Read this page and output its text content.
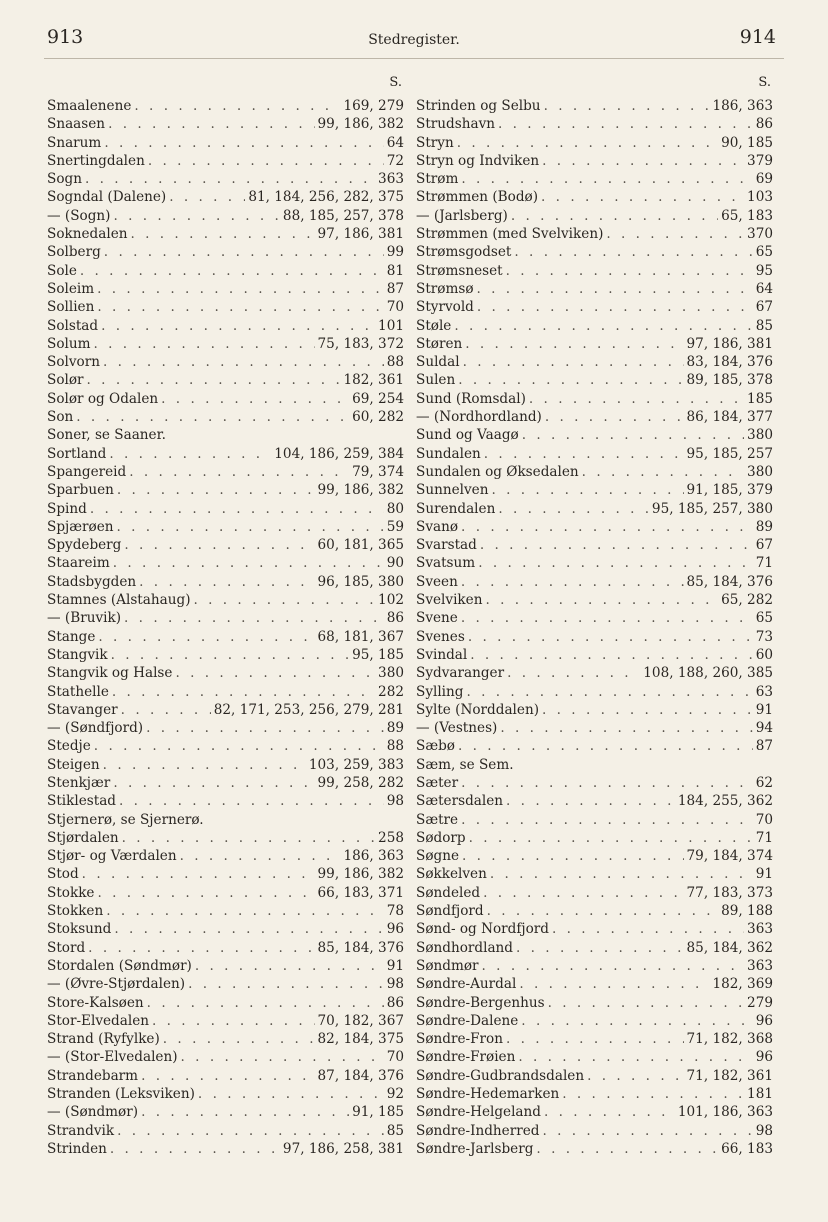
913	Stedregister.	914
S.
Smaalenene . . .	169, 279
Snaasen . . .	99, 186, 382
Snarum . . .	64
Snertingdalen . . .	72
Sogn . . .	363
Sogndal (Dalene) . . .	81, 184, 256, 282, 375
— (Sogn) . . .	88, 185, 257, 378
Soknedalen . . .	97, 186, 381
Solberg . . .	99
Sole . . .	81
Soleim . . .	87
Sollien . . .	70
Solstad . . .	101
Solum . . .	75, 183, 372
Solvorn . . .	88
Solør . . .	182, 361
Solør og Odalen . . .	69, 254
Son . . .	60, 282
Soner, se Saaner.
Sortland . . .	104, 186, 259, 384
Spangereid . . .	79, 374
Sparbuen . . .	99, 186, 382
Spind . . .	80
Spjærøen . . .	59
Spydeberg . . .	60, 181, 365
Staareim . . .	90
Stadsbygden . . .	96, 185, 380
Stamnes (Alstahaug) . . .	102
— (Bruvik) . . .	86
Stange . . .	68, 181, 367
Stangvik . . .	95, 185
Stangvik og Halse . . .	380
Stathelle . . .	282
Stavanger . . .	82, 171, 253, 256, 279, 281
— (Søndfjord) . . .	89
Stedje . . .	88
Steigen . . .	103, 259, 383
Stenkjær . . .	99, 258, 282
Stiklestad . . .	98
Stjernerø, se Sjernerø.
Stjørdalen . . .	258
Stjør- og Værdalen . . .	186, 363
Stod . . .	99, 186, 382
Stokke . . .	66, 183, 371
Stokken . . .	78
Stoksund . . .	96
Stord . . .	85, 184, 376
Stordalen (Søndmør) . . .	91
— (Øvre-Stjørdalen) . . .	98
Store-Kalsøen . . .	86
Stor-Elvedalen . . .	70, 182, 367
Strand (Ryfylke) . . .	82, 184, 375
— (Stor-Elvedalen) . . .	70
Strandebarm . . .	87, 184, 376
Stranden (Leksviken) . . .	92
— (Søndmør) . . .	91, 185
Strandvik . . .	85
Strinden . . .	97, 186, 258, 381
S.
Strinden og Selbu . . .	186, 363
Strudshavn . . .	86
Stryn . . .	90, 185
Stryn og Indviken . . .	379
Strøm . . .	69
Strømmen (Bodø) . . .	103
— (Jarlsberg) . . .	65, 183
Strømmen (med Svelviken) . . .	370
Strømsgodset . . .	65
Strømsneset . . .	95
Strømsø . . .	64
Styrvold . . .	67
Støle . . .	85
Støren . . .	97, 186, 381
Suldal . . .	83, 184, 376
Sulen . . .	89, 185, 378
Sund (Romsdal) . . .	185
— (Nordhordland) . . .	86, 184, 377
Sund og Vaagø . . .	380
Sundalen . . .	95, 185, 257
Sundalen og Øksedalen . . .	380
Sunnelven . . .	91, 185, 379
Surendalen . . .	95, 185, 257, 380
Svanø . . .	89
Svarstad . . .	67
Svatsum . . .	71
Sveen . . .	85, 184, 376
Svelviken . . .	65, 282
Svene . . .	65
Svenes . . .	73
Svindal . . .	60
Sydvaranger . . .	108, 188, 260, 385
Sylling . . .	63
Sylte (Norddalen) . . .	91
— (Vestnes) . . .	94
Sæbø . . .	87
Sæm, se Sem.
Sæter . . .	62
Sætersdalen . . .	184, 255, 362
Sætre . . .	70
Sødorp . . .	71
Søgne . . .	79, 184, 374
Søkkelven . . .	91
Søndeled . . .	77, 183, 373
Søndfjord . . .	89, 188
Sønd- og Nordfjord . . .	363
Søndhordland . . .	85, 184, 362
Søndmør . . .	363
Søndre-Aurdal . . .	182, 369
Søndre-Bergenhus . . .	279
Søndre-Dalene . . .	96
Søndre-Fron . . .	71, 182, 368
Søndre-Frøien . . .	96
Søndre-Gudbrandsdalen . . .	71, 182, 361
Søndre-Hedemarken . . .	181
Søndre-Helgeland . . .	101, 186, 363
Søndre-Indherred . . .	98
Søndre-Jarlsberg . . .	66, 183
